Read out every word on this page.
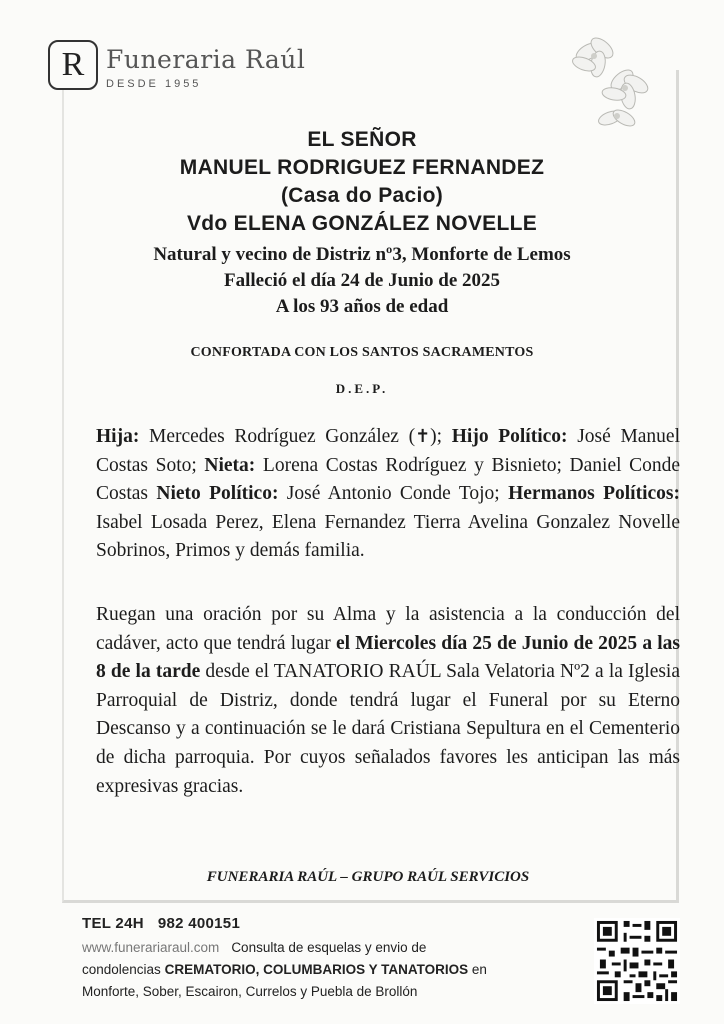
R Funeraria Raúl
DESDE 1955
EL SEÑOR
MANUEL RODRIGUEZ FERNANDEZ
(Casa do Pacio)
Vdo ELENA GONZÁLEZ NOVELLE
Natural y vecino de Distriz nº3, Monforte de Lemos
Falleció el día 24 de Junio de 2025
A los 93 años de edad
CONFORTADA CON LOS SANTOS SACRAMENTOS
D.E.P.
Hija: Mercedes Rodríguez González (✝); Hijo Político: José Manuel Costas Soto; Nieta: Lorena Costas Rodríguez y Bisnieto; Daniel Conde Costas Nieto Político: José Antonio Conde Tojo; Hermanos Políticos: Isabel Losada Perez, Elena Fernandez Tierra Avelina Gonzalez Novelle Sobrinos, Primos y demás familia.
Ruegan una oración por su Alma y la asistencia a la conducción del cadáver, acto que tendrá lugar el Miercoles día 25 de Junio de 2025 a las 8 de la tarde desde el TANATORIO RAÚL Sala Velatoria Nº2 a la Iglesia Parroquial de Distriz, donde tendrá lugar el Funeral por su Eterno Descanso y a continuación se le dará Cristiana Sepultura en el Cementerio de dicha parroquia. Por cuyos señalados favores les anticipan las más expresivas gracias.
FUNERARIA RAÚL – GRUPO RAÚL SERVICIOS
TEL 24H 982 400151
www.funerariaraul.com Consulta de esquelas y envio de
condolencias CREMATORIO, COLUMBARIOS Y TANATORIOS en
Monforte, Sober, Escairon, Currelos y Puebla de Brollón
